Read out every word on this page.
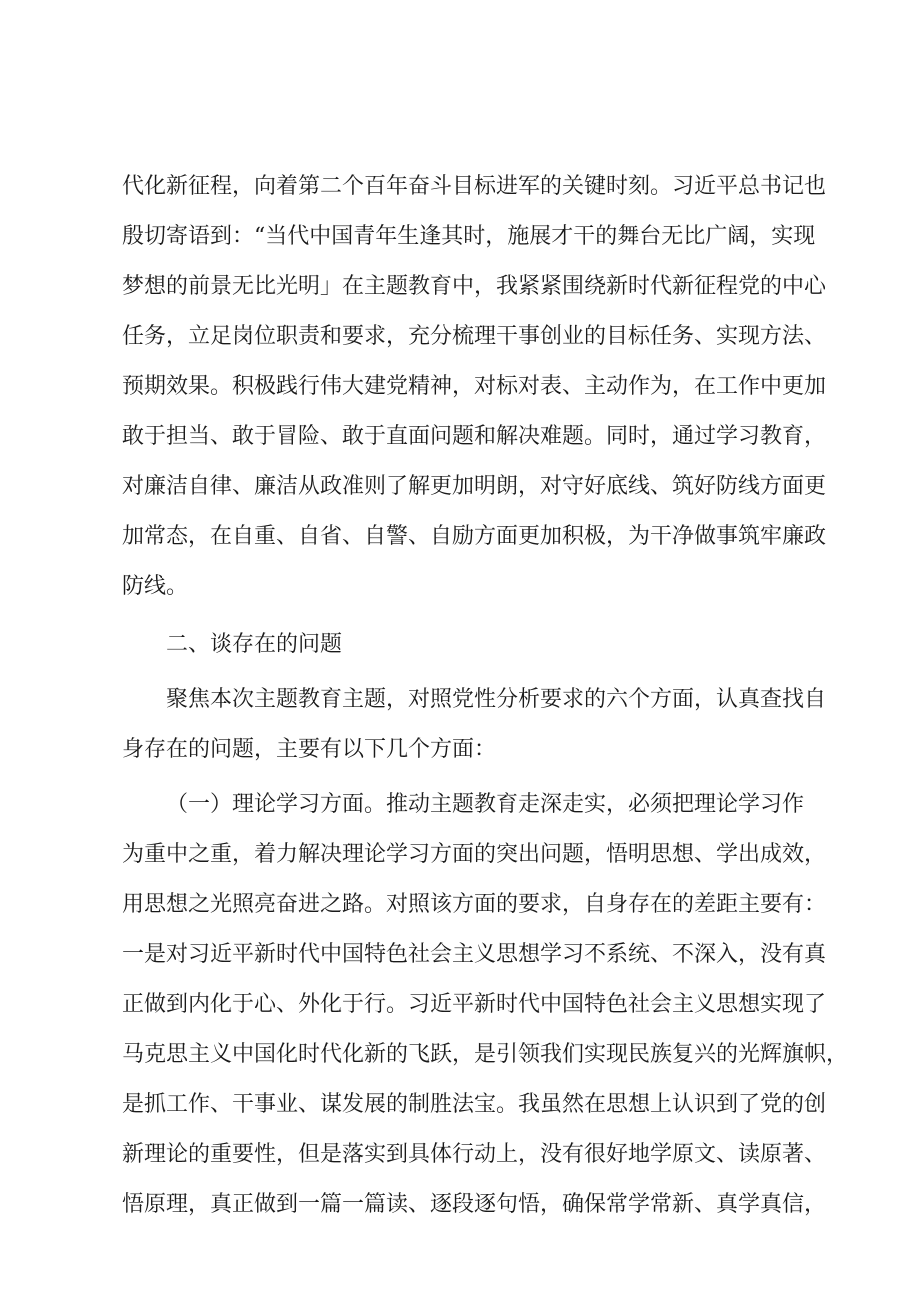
代化新征程，向着第二个百年奋斗目标进军的关键时刻。习近平总书记也
殷切寄语到：“当代中国青年生逢其时，施展才干的舞台无比广阔，实现
梦想的前景无比光明」在主题教育中，我紧紧围绕新时代新征程党的中心
任务，立足岗位职责和要求，充分梳理干事创业的目标任务、实现方法、
预期效果。积极践行伟大建党精神，对标对表、主动作为，在工作中更加
敢于担当、敢于冒险、敢于直面问题和解决难题。同时，通过学习教育，
对廉洁自律、廉洁从政准则了解更加明朗，对守好底线、筑好防线方面更
加常态，在自重、自省、自警、自励方面更加积极，为干净做事筑牢廉政
防线。
二、谈存在的问题
聚焦本次主题教育主题，对照党性分析要求的六个方面，认真查找自
身存在的问题，主要有以下几个方面：
（一）理论学习方面。推动主题教育走深走实，必须把理论学习作
为重中之重，着力解决理论学习方面的突出问题，悟明思想、学出成效，
用思想之光照亮奋进之路。对照该方面的要求，自身存在的差距主要有：
一是对习近平新时代中国特色社会主义思想学习不系统、不深入，没有真
正做到内化于心、外化于行。习近平新时代中国特色社会主义思想实现了
马克思主义中国化时代化新的飞跃，是引领我们实现民族复兴的光辉旗帜，
是抓工作、干事业、谋发展的制胜法宝。我虽然在思想上认识到了党的创
新理论的重要性，但是落实到具体行动上，没有很好地学原文、读原著、
悟原理，真正做到一篇一篇读、逐段逐句悟，确保常学常新、真学真信，
